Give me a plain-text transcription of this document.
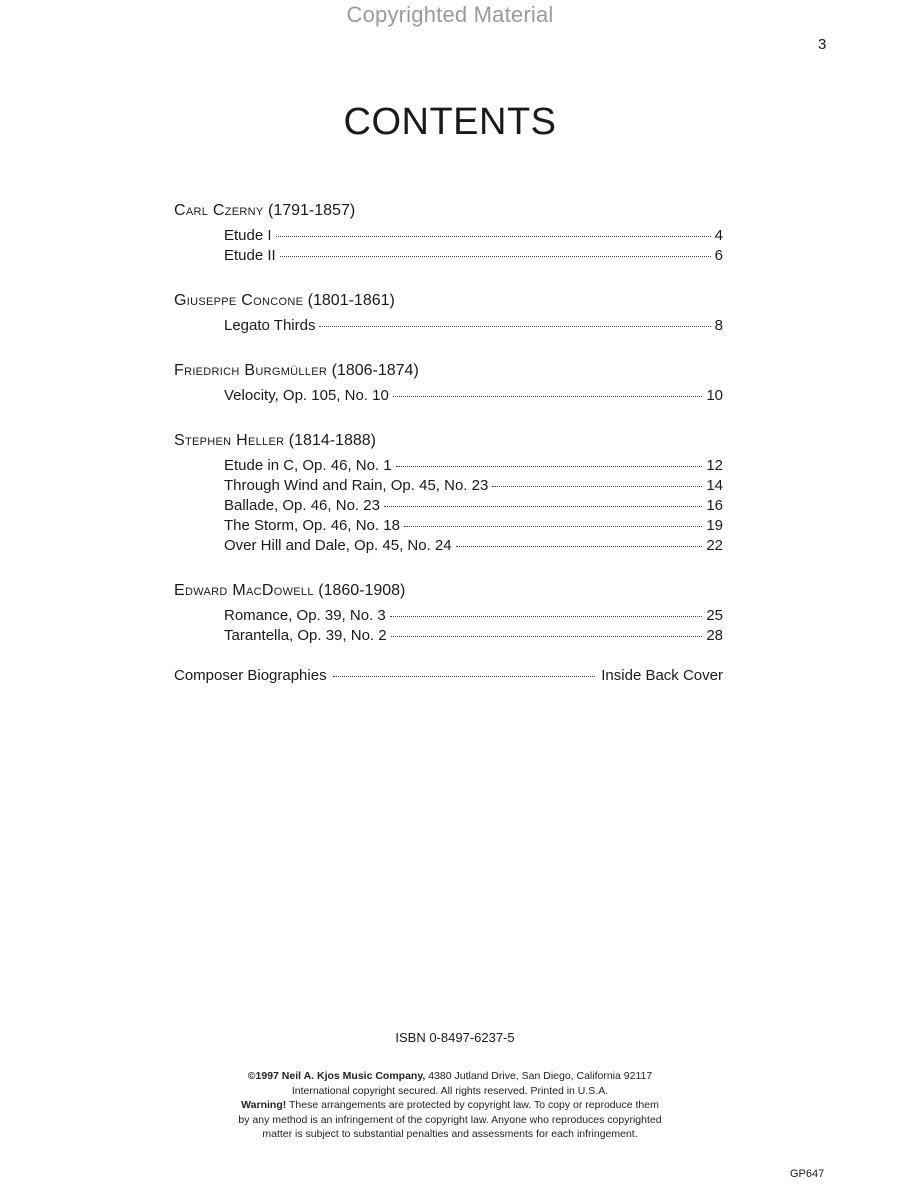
Copyrighted Material
3
CONTENTS
Carl Czerny (1791-1857)
Etude I	4
Etude II	6
Giuseppe Concone (1801-1861)
Legato Thirds	8
Friedrich Burgmüller (1806-1874)
Velocity, Op. 105, No. 10	10
Stephen Heller (1814-1888)
Etude in C, Op. 46, No. 1	12
Through Wind and Rain, Op. 45, No. 23	14
Ballade, Op. 46, No. 23	16
The Storm, Op. 46, No. 18	19
Over Hill and Dale, Op. 45, No. 24	22
Edward MacDowell (1860-1908)
Romance, Op. 39, No. 3	25
Tarantella, Op. 39, No. 2	28
Composer Biographies	Inside Back Cover
ISBN 0-8497-6237-5
©1997 Neil A. Kjos Music Company, 4380 Jutland Drive, San Diego, California 92117
International copyright secured. All rights reserved. Printed in U.S.A.
Warning! These arrangements are protected by copyright law. To copy or reproduce them
by any method is an infringement of the copyright law. Anyone who reproduces copyrighted
matter is subject to substantial penalties and assessments for each infringement.
GP647
